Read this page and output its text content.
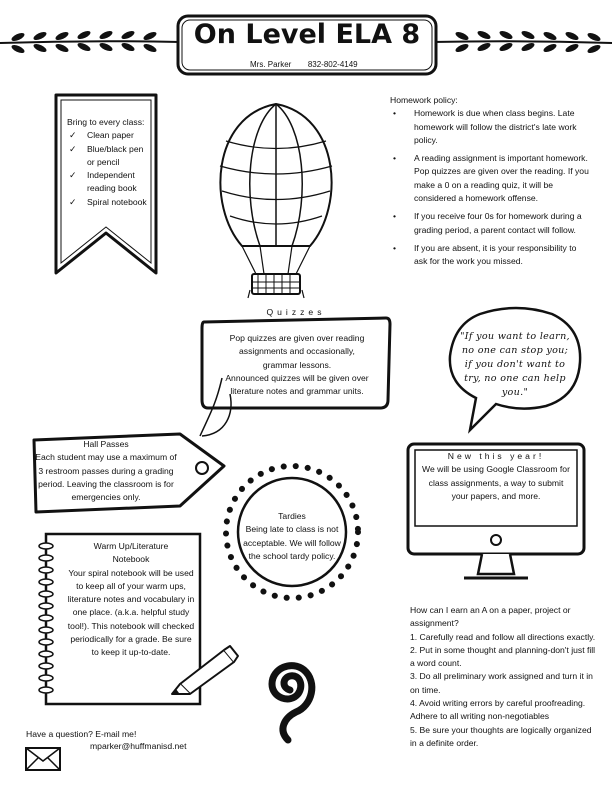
On Level ELA 8
Mrs. Parker 832-802-4149
Bring to every class:
✓ Clean paper
✓ Blue/black pen or pencil
✓ Independent reading book
✓ Spiral notebook
Homework policy:
• Homework is due when class begins. Late homework will follow the district's late work policy.
• A reading assignment is important homework. Pop quizzes are given over the reading. If you make a 0 on a reading quiz, it will be considered a homework offense.
• If you receive four 0s for homework during a grading period, a parent contact will follow.
• If you are absent, it is your responsibility to ask for the work you missed.
Quizzes
Pop quizzes are given over reading assignments and occasionally, grammar lessons.
Announced quizzes will be given over literature notes and grammar units.
"If you want to learn, no one can stop you; if you don't want to try, no one can help you."
Hall Passes
Each student may use a maximum of 3 restroom passes during a grading period. Leaving the classroom is for emergencies only.
New this year!
We will be using Google Classroom for class assignments, a way to submit your papers, and more.
Tardies
Being late to class is not acceptable. We will follow the school tardy policy.
Warm Up/Literature Notebook
Your spiral notebook will be used to keep all of your warm ups, literature notes and vocabulary in one place. (a.k.a. helpful study tool!). This notebook will checked periodically for a grade. Be sure to keep it up-to-date.
How can I earn an A on a paper, project or assignment?
1. Carefully read and follow all directions exactly.
2. Put in some thought and planning-don't just fill a word count.
3. Do all preliminary work assigned and turn it in on time.
4. Avoid writing errors by careful proofreading. Adhere to all writing non-negotiables
5. Be sure your thoughts are logically organized in a definite order.
Have a question? E-mail me!
mparker@huffmanisd.net
